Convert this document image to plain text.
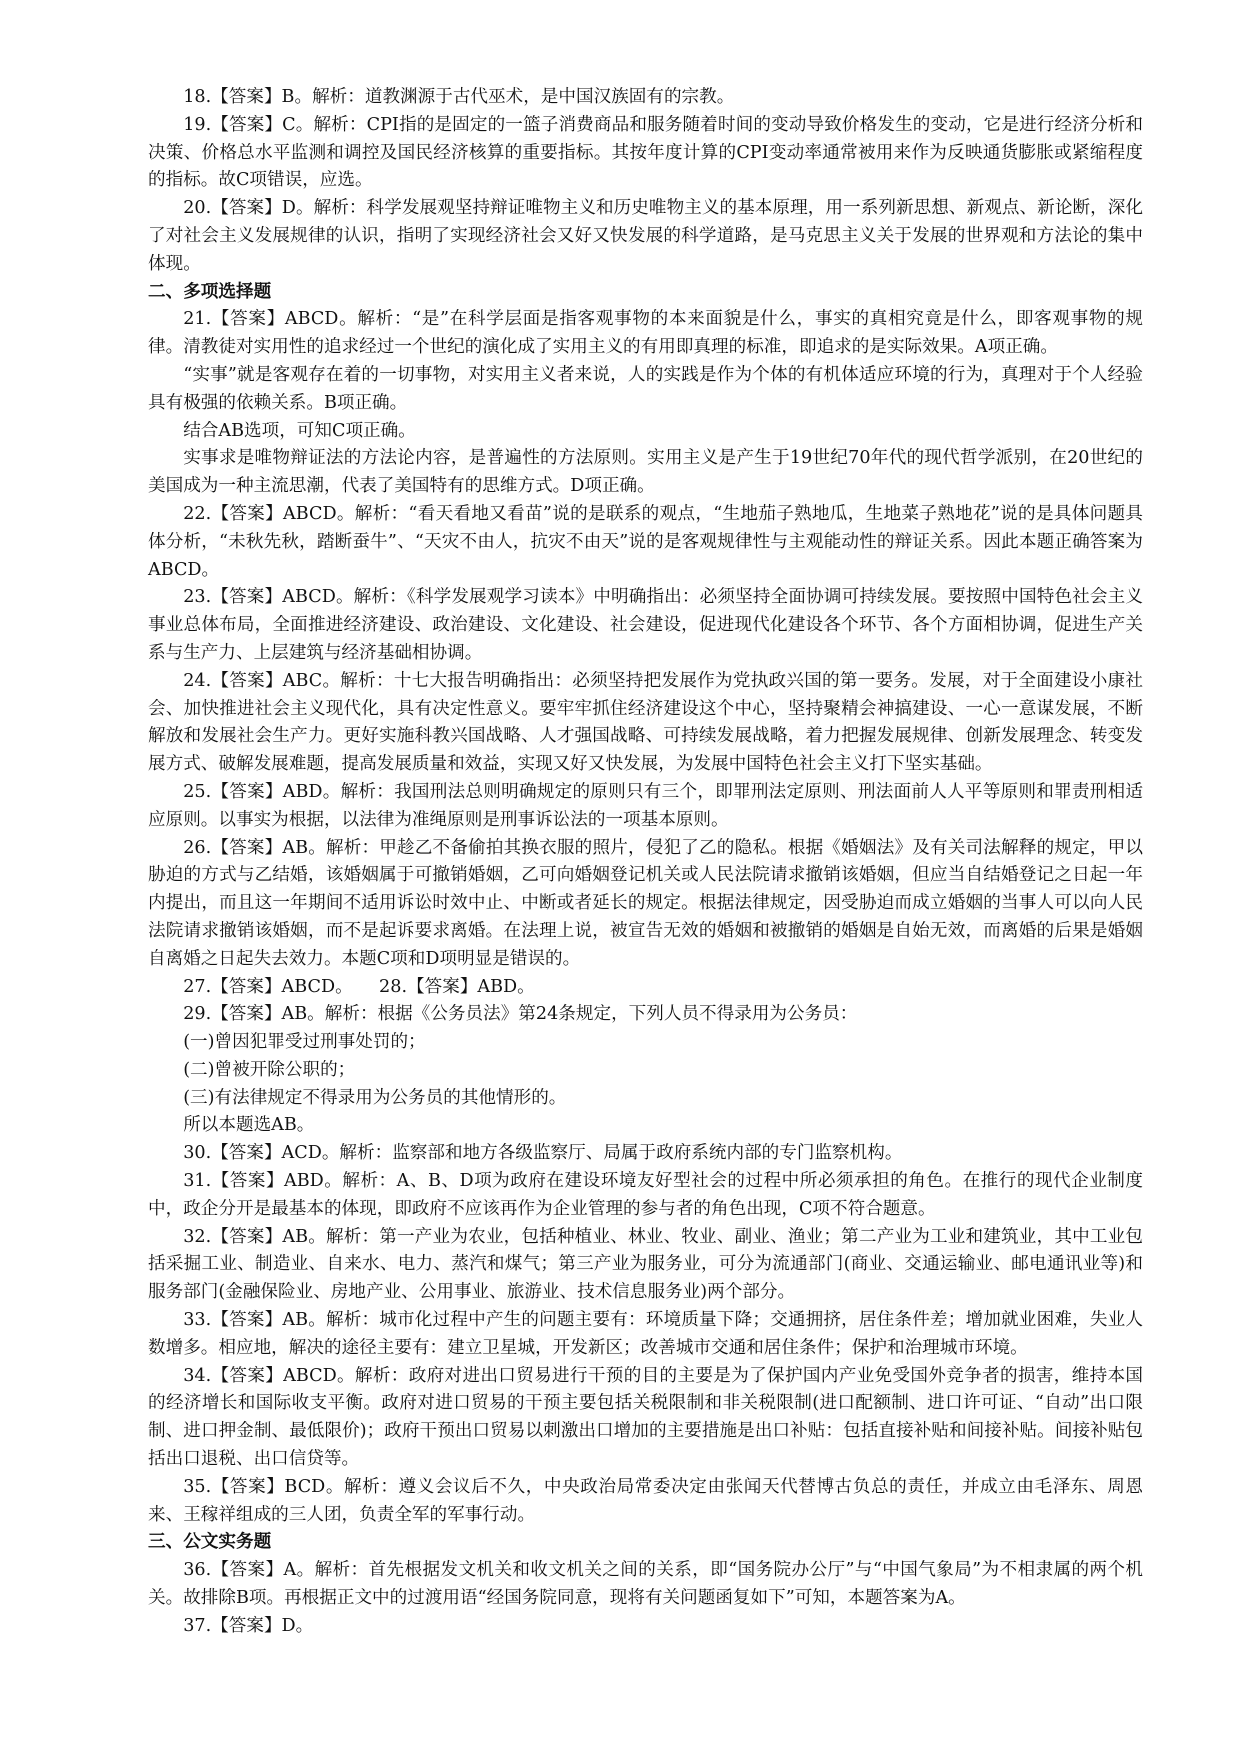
18.【答案】B。解析：道教渊源于古代巫术，是中国汉族固有的宗教。

19.【答案】C。解析：CPI指的是固定的一篮子消费商品和服务随着时间的变动导致价格发生的变动，它是进行经济分析和决策、价格总水平监测和调控及国民经济核算的重要指标。其按年度计算的CPI变动率通常被用来作为反映通货膨胀或紧缩程度的指标。故C项错误，应选。

20.【答案】D。解析：科学发展观坚持辩证唯物主义和历史唯物主义的基本原理，用一系列新思想、新观点、新论断，深化了对社会主义发展规律的认识，指明了实现经济社会又好又快发展的科学道路，是马克思主义关于发展的世界观和方法论的集中体现。

二、多项选择题

21.【答案】ABCD。解析：“是”在科学层面是指客观事物的本来面貌是什么，事实的真相究竟是什么，即客观事物的规律。清教徒对实用性的追求经过一个世纪的演化成了实用主义的有用即真理的标准，即追求的是实际效果。A项正确。

“实事”就是客观存在着的一切事物，对实用主义者来说，人的实践是作为个体的有机体适应环境的行为，真理对于个人经验具有极强的依赖关系。B项正确。

结合AB选项，可知C项正确。

实事求是唯物辩证法的方法论内容，是普遍性的方法原则。实用主义是产生于19世纪70年代的现代哲学派别，在20世纪的美国成为一种主流思潮，代表了美国特有的思维方式。D项正确。

22.【答案】ABCD。解析：“看天看地又看苗”说的是联系的观点，“生地茄子熟地瓜，生地菜子熟地花”说的是具体问题具体分析，“未秋先秋，踏断蚕牛”、“天灾不由人，抗灾不由天”说的是客观规律性与主观能动性的辩证关系。因此本题正确答案为ABCD。

23.【答案】ABCD。解析：《科学发展观学习读本》中明确指出：必须坚持全面协调可持续发展。要按照中国特色社会主义事业总体布局，全面推进经济建设、政治建设、文化建设、社会建设，促进现代化建设各个环节、各个方面相协调，促进生产关系与生产力、上层建筑与经济基础相协调。

24.【答案】ABC。解析：十七大报告明确指出：必须坚持把发展作为党执政兴国的第一要务。发展，对于全面建设小康社会、加快推进社会主义现代化，具有决定性意义。要牢牢抓住经济建设这个中心，坚持聚精会神搞建设、一心一意谋发展，不断解放和发展社会生产力。更好实施科教兴国战略、人才强国战略、可持续发展战略，着力把握发展规律、创新发展理念、转变发展方式、破解发展难题，提高发展质量和效益，实现又好又快发展，为发展中国特色社会主义打下坚实基础。

25.【答案】ABD。解析：我国刑法总则明确规定的原则只有三个，即罪刑法定原则、刑法面前人人平等原则和罪责刑相适应原则。以事实为根据，以法律为准绳原则是刑事诉讼法的一项基本原则。

26.【答案】AB。解析：甲趁乙不备偷拍其换衣服的照片，侵犯了乙的隐私。根据《婚姻法》及有关司法解释的规定，甲以胁迫的方式与乙结婚，该婚姻属于可撤销婚姻，乙可向婚姻登记机关或人民法院请求撤销该婚姻，但应当自结婚登记之日起一年内提出，而且这一年期间不适用诉讼时效中止、中断或者延长的规定。根据法律规定，因受胁迫而成立婚姻的当事人可以向人民法院请求撤销该婚姻，而不是起诉要求离婚。在法理上说，被宣告无效的婚姻和被撤销的婚姻是自始无效，而离婚的后果是婚姻自离婚之日起失去效力。本题C项和D项明显是错误的。

27.【答案】ABCD。　　28.【答案】ABD。

29.【答案】AB。解析：根据《公务员法》第24条规定，下列人员不得录用为公务员：

(一)曾因犯罪受过刑事处罚的；

(二)曾被开除公职的；

(三)有法律规定不得录用为公务员的其他情形的。

所以本题选AB。

30.【答案】ACD。解析：监察部和地方各级监察厅、局属于政府系统内部的专门监察机构。

31.【答案】ABD。解析：A、B、D项为政府在建设环境友好型社会的过程中所必须承担的角色。在推行的现代企业制度中，政企分开是最基本的体现，即政府不应该再作为企业管理的参与者的角色出现，C项不符合题意。

32.【答案】AB。解析：第一产业为农业，包括种植业、林业、牧业、副业、渔业；第二产业为工业和建筑业，其中工业包括采掘工业、制造业、自来水、电力、蒸汽和煤气；第三产业为服务业，可分为流通部门(商业、交通运输业、邮电通讯业等)和服务部门(金融保险业、房地产业、公用事业、旅游业、技术信息服务业)两个部分。

33.【答案】AB。解析：城市化过程中产生的问题主要有：环境质量下降；交通拥挤，居住条件差；增加就业困难，失业人数增多。相应地，解决的途径主要有：建立卫星城，开发新区；改善城市交通和居住条件；保护和治理城市环境。

34.【答案】ABCD。解析：政府对进出口贸易进行干预的目的主要是为了保护国内产业免受国外竞争者的损害，维持本国的经济增长和国际收支平衡。政府对进口贸易的干预主要包括关税限制和非关税限制(进口配额制、进口许可证、“自动”出口限制、进口押金制、最低限价)；政府干预出口贸易以刺激出口增加的主要措施是出口补贴：包括直接补贴和间接补贴。间接补贴包括出口退税、出口信贷等。

35.【答案】BCD。解析：遵义会议后不久，中央政治局常委决定由张闻天代替博古负总的责任，并成立由毛泽东、周恩来、王稼祥组成的三人团，负责全军的军事行动。

三、公文实务题

36.【答案】A。解析：首先根据发文机关和收文机关之间的关系，即“国务院办公厅”与“中国气象局”为不相隶属的两个机关。故排除B项。再根据正文中的过渡用语“经国务院同意，现将有关问题函复如下”可知，本题答案为A。

37.【答案】D。
